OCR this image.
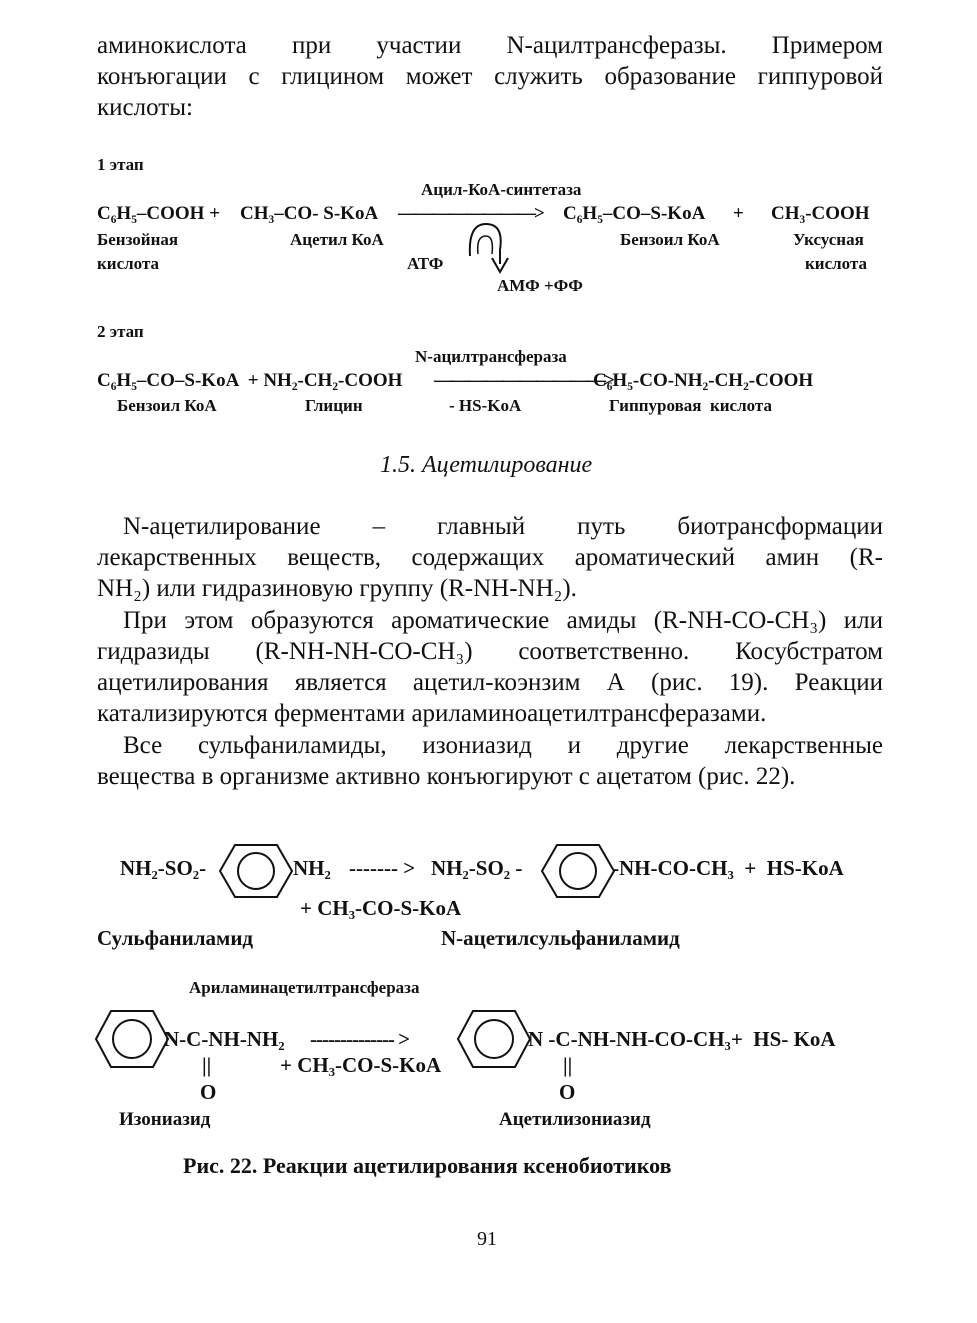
аминокислота при участии N-ацилтрансферазы. Примером
конъюгации с глицином может служить образование гиппуровой
кислоты:
1 этап
Ацил-КоА-синтетаза
C₆H₅–COOH + CH₃–CO- S-KoA ————————> C₆H₅–CO–S-KoA + CH₃-COOH
Бензойная	Ацетил КоА	Бензоил КоА	Уксусная
кислота	АТФ	кислота
АМФ +ФФ
2 этап
N-ацилтрансфераза
C₆H₅–CO–S-KoA  + NH₂-CH₂-COOH ——————————>
C₆H₅-CO-NH₂-CH₂-COOH
Бензоил КоА	Глицин	- HS-KoA	Гиппуровая  кислота
1.5. Ацетилирование
N-ацетилирование – главный путь биотрансформации
лекарственных веществ, содержащих ароматический амин (R-
NH₂) или гидразиновую группу (R-NH-NH₂).
При этом образуются ароматические амиды (R-NH-CO-CH₃) или
гидразиды (R-NH-NH-CO-CH₃) соответственно. Косубстратом
ацетилирования является ацетил-коэнзим А (рис. 19). Реакции
катализируются ферментами ариламиноацетилтрансферазами.
Все сульфаниламиды, изониазид и другие лекарственные
вещества в организме активно конъюгируют с ацетатом (рис. 22).
NH₂-SO₂-	NH₂ ------- > NH₂-SO₂ -	-NH-CO-CH₃  +  HS-KoA
+ CH₃-CO-S-KoA
Сульфаниламид	N-ацетилсульфаниламид
Ариламинацетилтрансфераза
N-C-NH-NH₂ -------------- >	N -C-NH-NH-CO-CH₃+  HS- KoA
||	+ CH₃-CO-S-KoA	||
O	O
Изониазид	Ацетилизониазид
Рис. 22. Реакции ацетилирования ксенобиотиков
91
